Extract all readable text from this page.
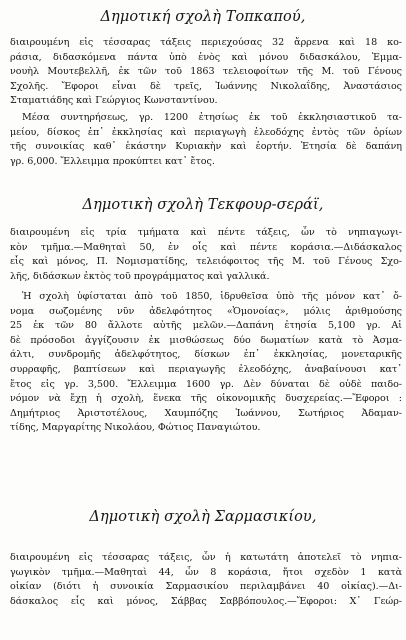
Δημοτική σχολὴ Τοπκαπού,
διαιρουμένη εἰς τέσσαρας τάξεις περιεχούσας 32 ἄρρενα καὶ 18 κο-
ράσια, διδασκόμενα πάντα ὑπὸ ἑνὸς καὶ μόνου διδασκάλου, Ἐμμα-
νουὴλ Μουτεβελλῆ, ἐκ τῶν τοῦ 1863 τελειοφοίτων τῆς Μ. τοῦ Γένους
Σχολῆς. Ἔφοροι εἶναι δὲ τρεῖς, Ἰωάννης Νικολαΐδης, Ἀναστάσιος
Σταματιάδης καὶ Γεώργιος Κωνσταντίνου.
Μέσα συντηρήσεως, γρ. 1200 ἐτησίως ἐκ τοῦ ἐκκλησιαστικοῦ τα-
μείου, δίσκος ἐπ᾿ ἐκκλησίας καὶ περιαγωγὴ ἐλεοδόχης ἐντὸς τῶν ὁρίων
τῆς συνοικίας καθ᾿ ἑκάστην Κυριακὴν καὶ ἑορτήν. Ἐτησία δὲ δαπάνη
γρ. 6,000. Ἔλλειμμα προκύπτει κατ᾿ ἔτος.
Δημοτικὴ σχολὴ Τεκφουρ-σεράϊ,
διαιρουμένη εἰς τρία τμήματα καὶ πέντε τάξεις, ὧν τὸ νηπιαγωγι-
κὸν τμῆμα.—Μαθηταὶ 50, ἐν οἷς καὶ πέντε κοράσια.—Διδάσκαλος
εἷς καὶ μόνος, Π. Νομισματίδης, τελειόφοιτος τῆς Μ. τοῦ Γένους Σχο-
λῆς, διδάσκων ἐκτὸς τοῦ προγράμματος καὶ γαλλικά.
Ἡ σχολὴ ὑφίσταται ἀπὸ τοῦ 1850, ἱδρυθεῖσα ὑπὸ τῆς μόνον κατ᾿ ὄ-
νομα σωζομένης νῦν ἀδελφότητος «Ὁμονοίας», μόλις ἀριθμούσης
25 ἐκ τῶν 80 ἄλλοτε αὐτῆς μελῶν.—Δαπάνη ἐτησία 5,100 γρ. Αἱ
δὲ πρόσοδοι ἀγγίζουσιν ἐκ μισθώσεως δύο δωματίων κατὰ τὸ Ἀσμα-
άλτι, συνδρομῆς ἀδελφότητος, δίσκων ἐπ᾿ ἐκκλησίας, μονεταρικῆς
συρραφῆς, βαπτίσεων καὶ περιαγωγῆς ἐλεοδόχης, ἀναβαίνουσι κατ᾿
ἔτος εἰς γρ. 3,500. Ἔλλειμμα 1600 γρ. Δὲν δύναται δὲ οὐδὲ παιδο-
νόμον νὰ ἔχῃ ἡ σχολὴ, ἕνεκα τῆς οἰκονομικῆς δυσχερείας.—Ἔφοροι :
Δημήτριος Ἀριστοτέλους, Χαυμπόζης Ἰωάννου, Σωτήριος Ἀδαμαν-
τίδης, Μαργαρίτης Νικολάου, Φώτιος Παναγιώτου.
Δημοτικὴ σχολὴ Σαρμασικίου,
διαιρουμένη εἰς τέσσαρας τάξεις, ὧν ἡ κατωτάτη ἀποτελεῖ τὸ νηπια-
γωγικὸν τμῆμα.—Μαθηταὶ 44, ὧν 8 κοράσια, ἤτοι σχεδὸν 1 κατὰ
οἰκίαν (διότι ἡ συνοικία Σαρμασικίου περιλαμβάνει 40 οἰκίας).—Δι-
δάσκαλος εἷς καὶ μόνος, Σάββας Σαββόπουλος.—Ἔφοροι: Χ᾿ Γεώρ-
